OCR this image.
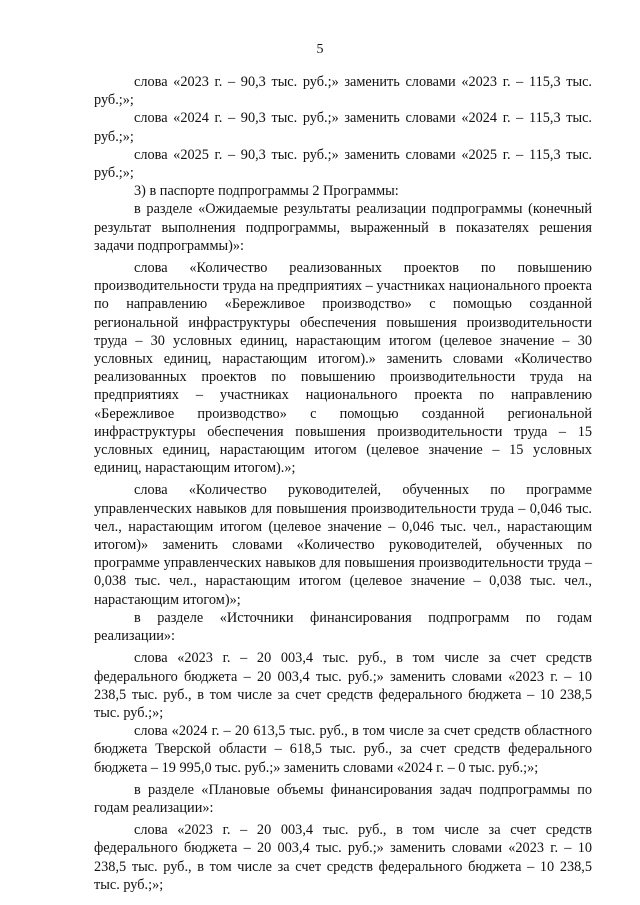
5

слова «2023 г. – 90,3 тыс. руб.;» заменить словами «2023 г. – 115,3 тыс. руб.;»;

слова «2024 г. – 90,3 тыс. руб.;» заменить словами «2024 г. – 115,3 тыс. руб.;»;

слова «2025 г. – 90,3 тыс. руб.;» заменить словами «2025 г. – 115,3 тыс. руб.;»;

3) в паспорте подпрограммы 2 Программы:

в разделе «Ожидаемые результаты реализации подпрограммы (конечный результат выполнения подпрограммы, выраженный в показателях решения задачи подпрограммы)»:

слова «Количество реализованных проектов по повышению производительности труда на предприятиях – участниках национального проекта по направлению «Бережливое производство» с помощью созданной региональной инфраструктуры обеспечения повышения производительности труда – 30 условных единиц, нарастающим итогом (целевое значение – 30 условных единиц, нарастающим итогом).» заменить словами «Количество реализованных проектов по повышению производительности труда на предприятиях – участниках национального проекта по направлению «Бережливое производство» с помощью созданной региональной инфраструктуры обеспечения повышения производительности труда – 15 условных единиц, нарастающим итогом (целевое значение – 15 условных единиц, нарастающим итогом).»;

слова «Количество руководителей, обученных по программе управленческих навыков для повышения производительности труда – 0,046 тыс. чел., нарастающим итогом (целевое значение – 0,046 тыс. чел., нарастающим итогом)» заменить словами «Количество руководителей, обученных по программе управленческих навыков для повышения производительности труда – 0,038 тыс. чел., нарастающим итогом (целевое значение – 0,038 тыс. чел., нарастающим итогом)»;

в разделе «Источники финансирования подпрограмм по годам реализации»:

слова «2023 г. – 20 003,4 тыс. руб., в том числе за счет средств федерального бюджета – 20 003,4 тыс. руб.;» заменить словами «2023 г. – 10 238,5 тыс. руб., в том числе за счет средств федерального бюджета – 10 238,5 тыс. руб.;»;

слова «2024 г. – 20 613,5 тыс. руб., в том числе за счет средств областного бюджета Тверской области – 618,5 тыс. руб., за счет средств федерального бюджета – 19 995,0 тыс. руб.;» заменить словами «2024 г. – 0 тыс. руб.;»;

в разделе «Плановые объемы финансирования задач подпрограммы по годам реализации»:

слова «2023 г. – 20 003,4 тыс. руб., в том числе за счет средств федерального бюджета – 20 003,4 тыс. руб.;» заменить словами «2023 г. – 10 238,5 тыс. руб., в том числе за счет средств федерального бюджета – 10 238,5 тыс. руб.;»;
